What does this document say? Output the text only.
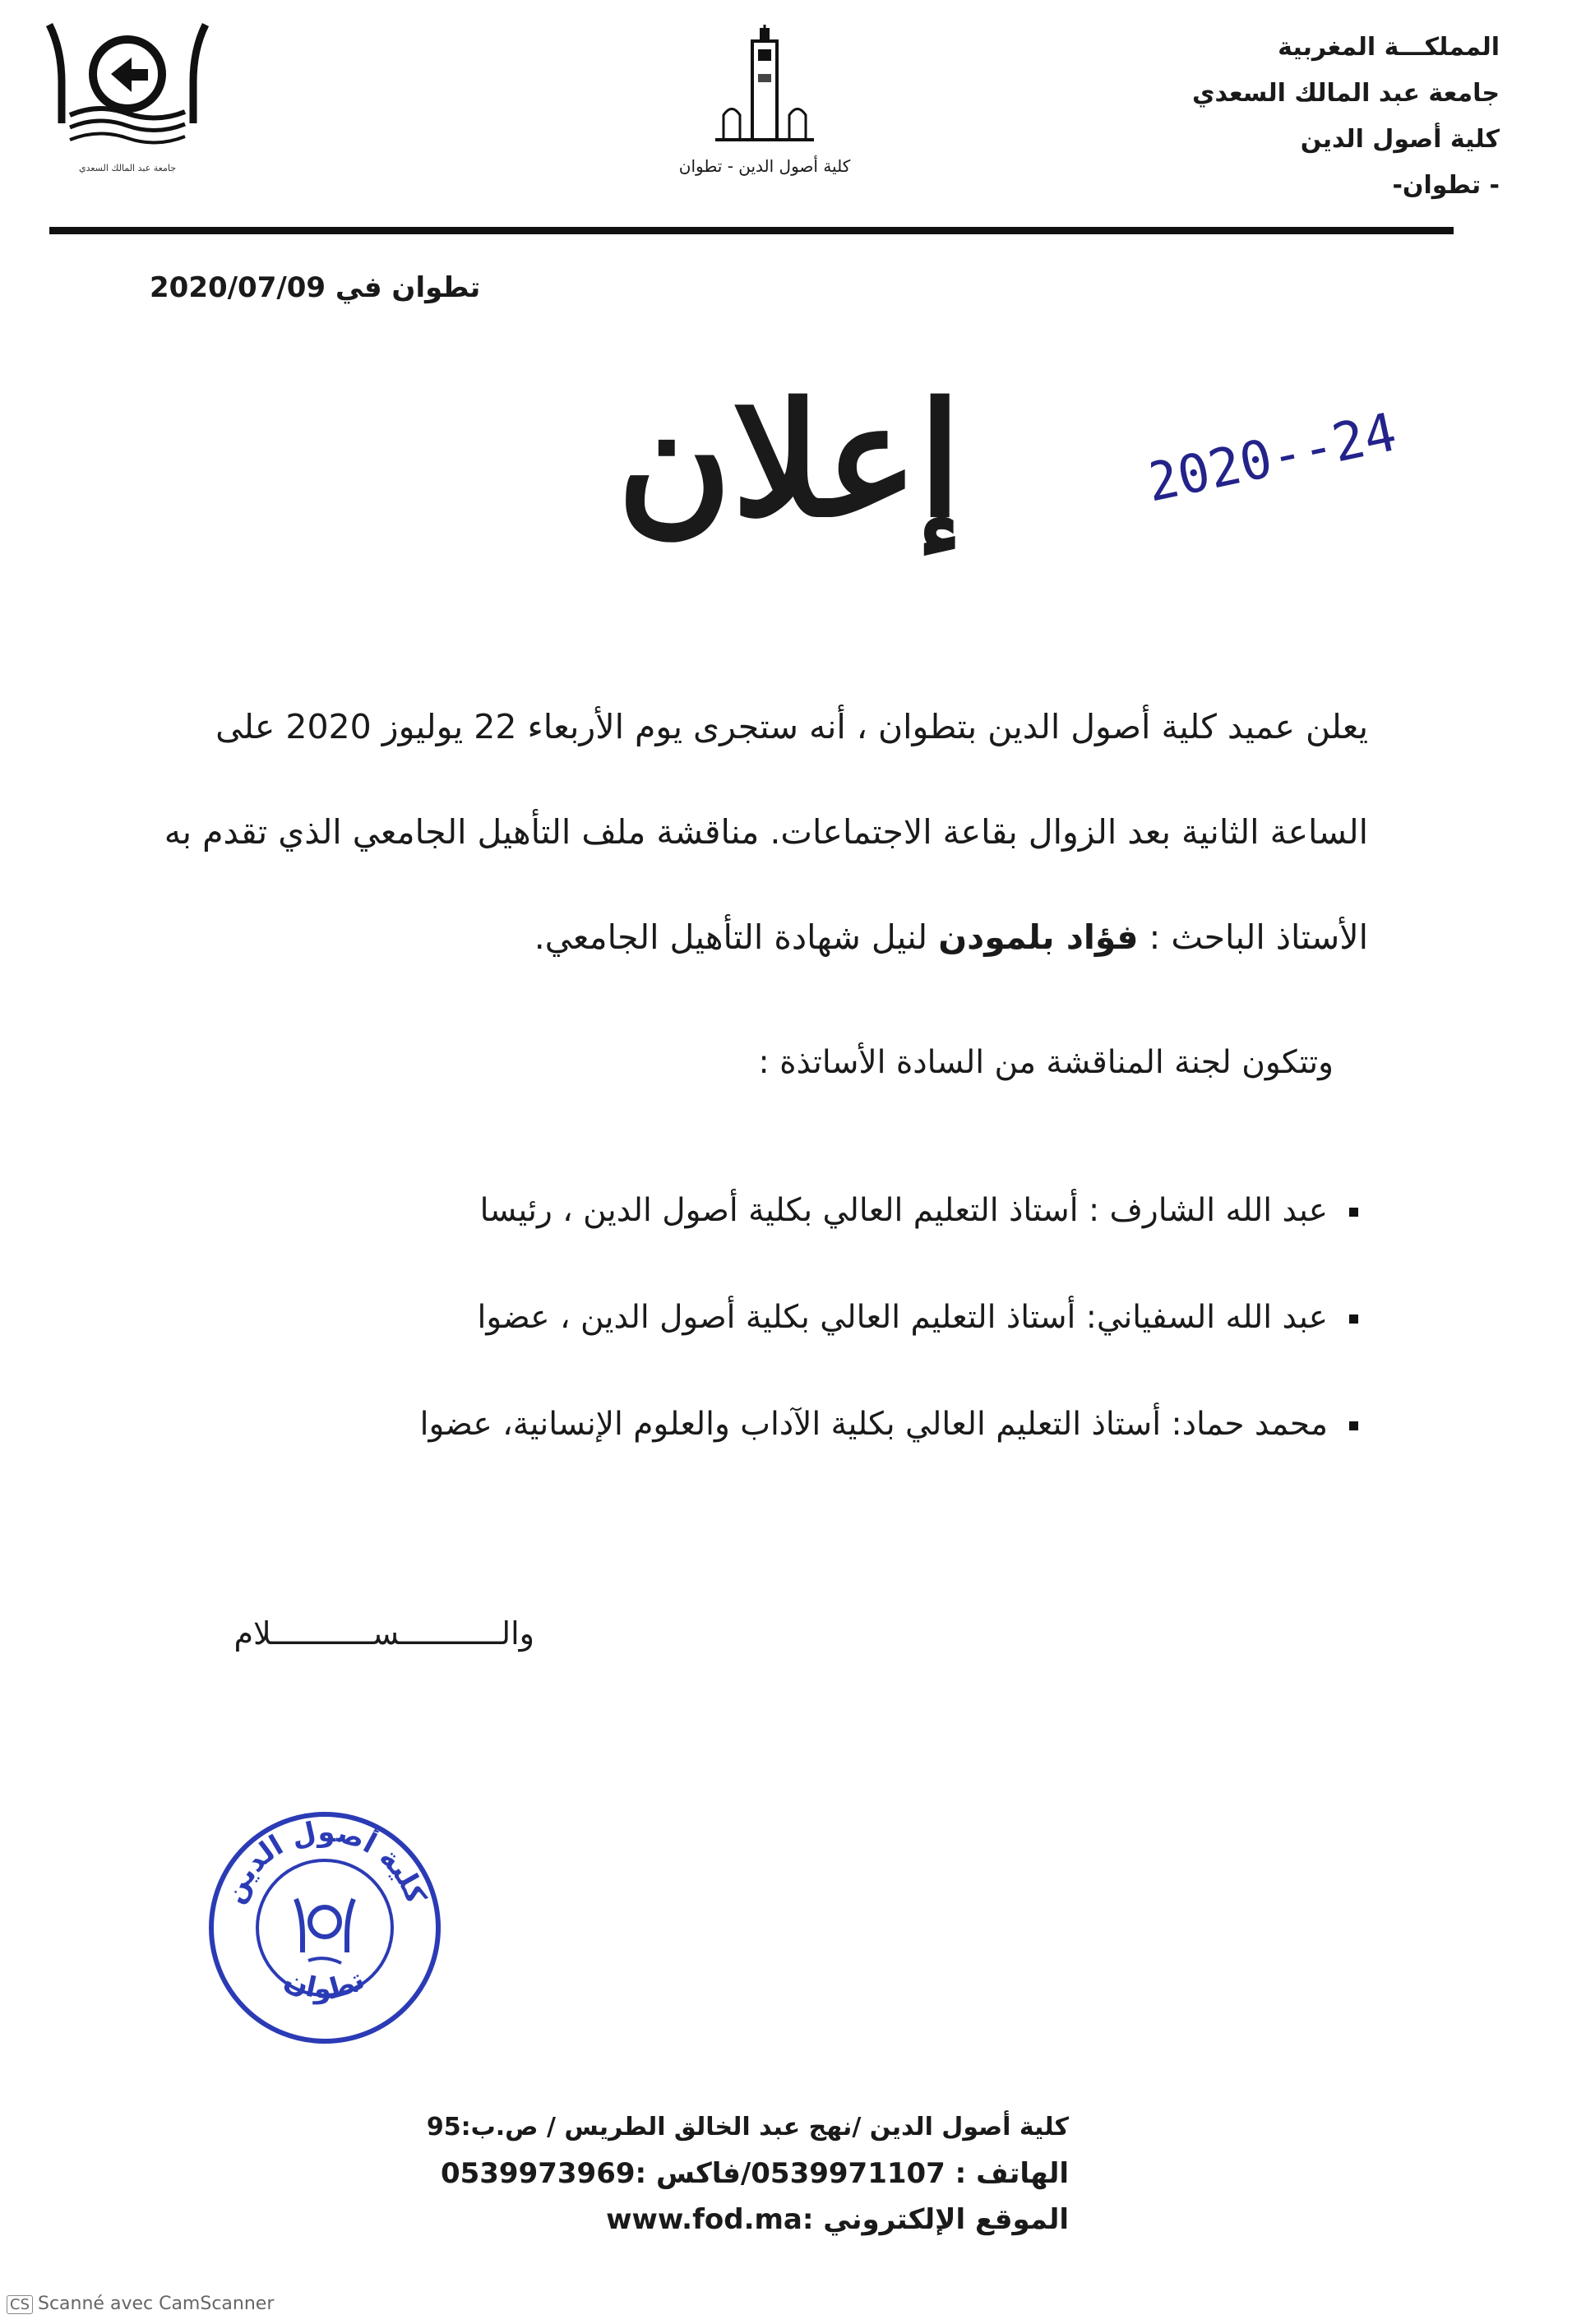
جامعة عبد المالك السعدي	كلية أصول الدين - تطوان
المملكـــة المغربية
جامعة عبد المالك السعدي
كلية أصول الدين
- تطوان-
تطوان في 2020/07/09
إعلان	2020--24
يعلن عميد كلية أصول الدين بتطوان ، أنه ستجرى يوم الأربعاء 22 يوليوز 2020 على
الساعة الثانية بعد الزوال بقاعة الاجتماعات. مناقشة ملف التأهيل الجامعي الذي تقدم به
الأستاذ الباحث : فؤاد بلمودن لنيل شهادة التأهيل الجامعي.
وتتكون لجنة المناقشة من السادة الأساتذة :
عبد الله الشارف : أستاذ التعليم العالي بكلية أصول الدين ، رئيسا
عبد الله السفياني: أستاذ التعليم العالي بكلية أصول الدين ، عضوا
محمد حماد: أستاذ التعليم العالي بكلية الآداب والعلوم الإنسانية، عضوا
والـــــــــــســـــــــــلام
كلية أصول الدين
تطوان
كلية أصول الدين /نهج عبد الخالق الطريس / ص.ب:95
الهاتف : 0539971107/فاكس :0539973969
الموقع الإلكتروني :www.fod.ma
CS Scanné avec CamScanner
